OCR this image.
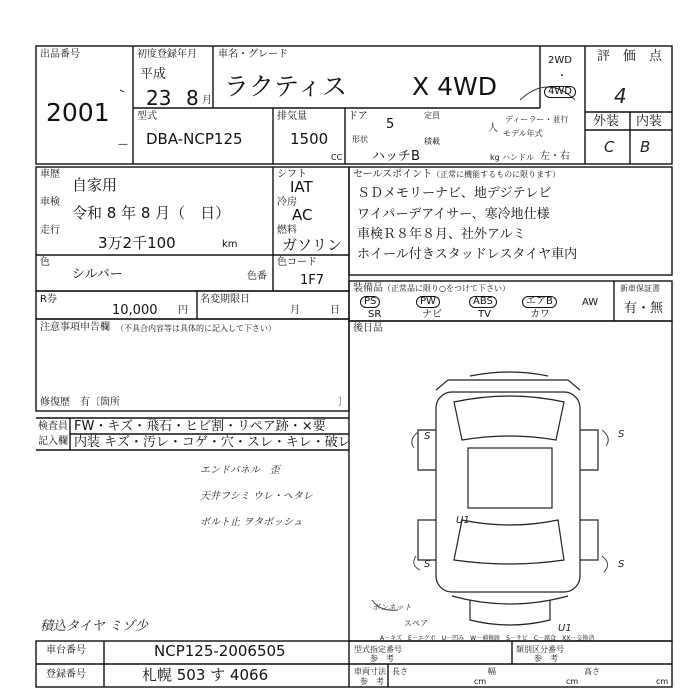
出品番号
2001
—
初度登録年月
平成
23 8 月
車名・グレード
ラクティス	X 4WD
2WD
・
4WD
評　価　点
4
型式
DBA-NCP125
排気量
1500
CC
ドア
5
定員
人
ディーラー・並行
形状	積載
モデル年式
ハッチB	kg ハンドル 左・右
外装 内装
C B
車歴
自家用
車検
令和 8 年 8 月（　日）
走行
3万2千100	km
色
シルバー	色番
シフト
IAT
冷房
AC
燃料
ガソリン
色コード
1F7
R券
10,000 円
名変期限日
月	日
セールスポイント（正常に機能するものに限ります）
ＳＤメモリーナビ、地デジテレビ
ワイパーデアイサー、寒冷地仕様
車検Ｒ８年８月、社外アルミ
ホイール付きスタッドレスタイヤ車内
装備品（正常品に限り○をつけて下さい）
PS	PW	ABS	エアB	AW
SR	ナビ	TV	カワ
新車保証書
有・無
注意事項申告欄 （不具合内容等は具体的に記入して下さい）
修復歴 有〔箇所	〕
後日品
検査員
記入欄
FW・キズ・飛石・ヒビ割・リペア跡・×要
内装 キズ・汚レ・コゲ・穴・スレ・キレ・破レ
エンドパネル　歪
天井フシミ ウレ・ヘタレ
ボルト止 ヲタボッシュ
積込タイヤ ミゾ少
S	S
U1
S	S
ボンネット
U1
スペア
A－キズ　E－エクボ　U－凹み　W－補修跡　S－サビ　C－腐食　XX－交換済
車台番号	NCP125-2006505
登録番号	札幌 503 す 4066
型式指定番号
参　考
類別区分番号
参　考
車両寸法
参　考
長さ
cm
幅
cm
高さ
cm
